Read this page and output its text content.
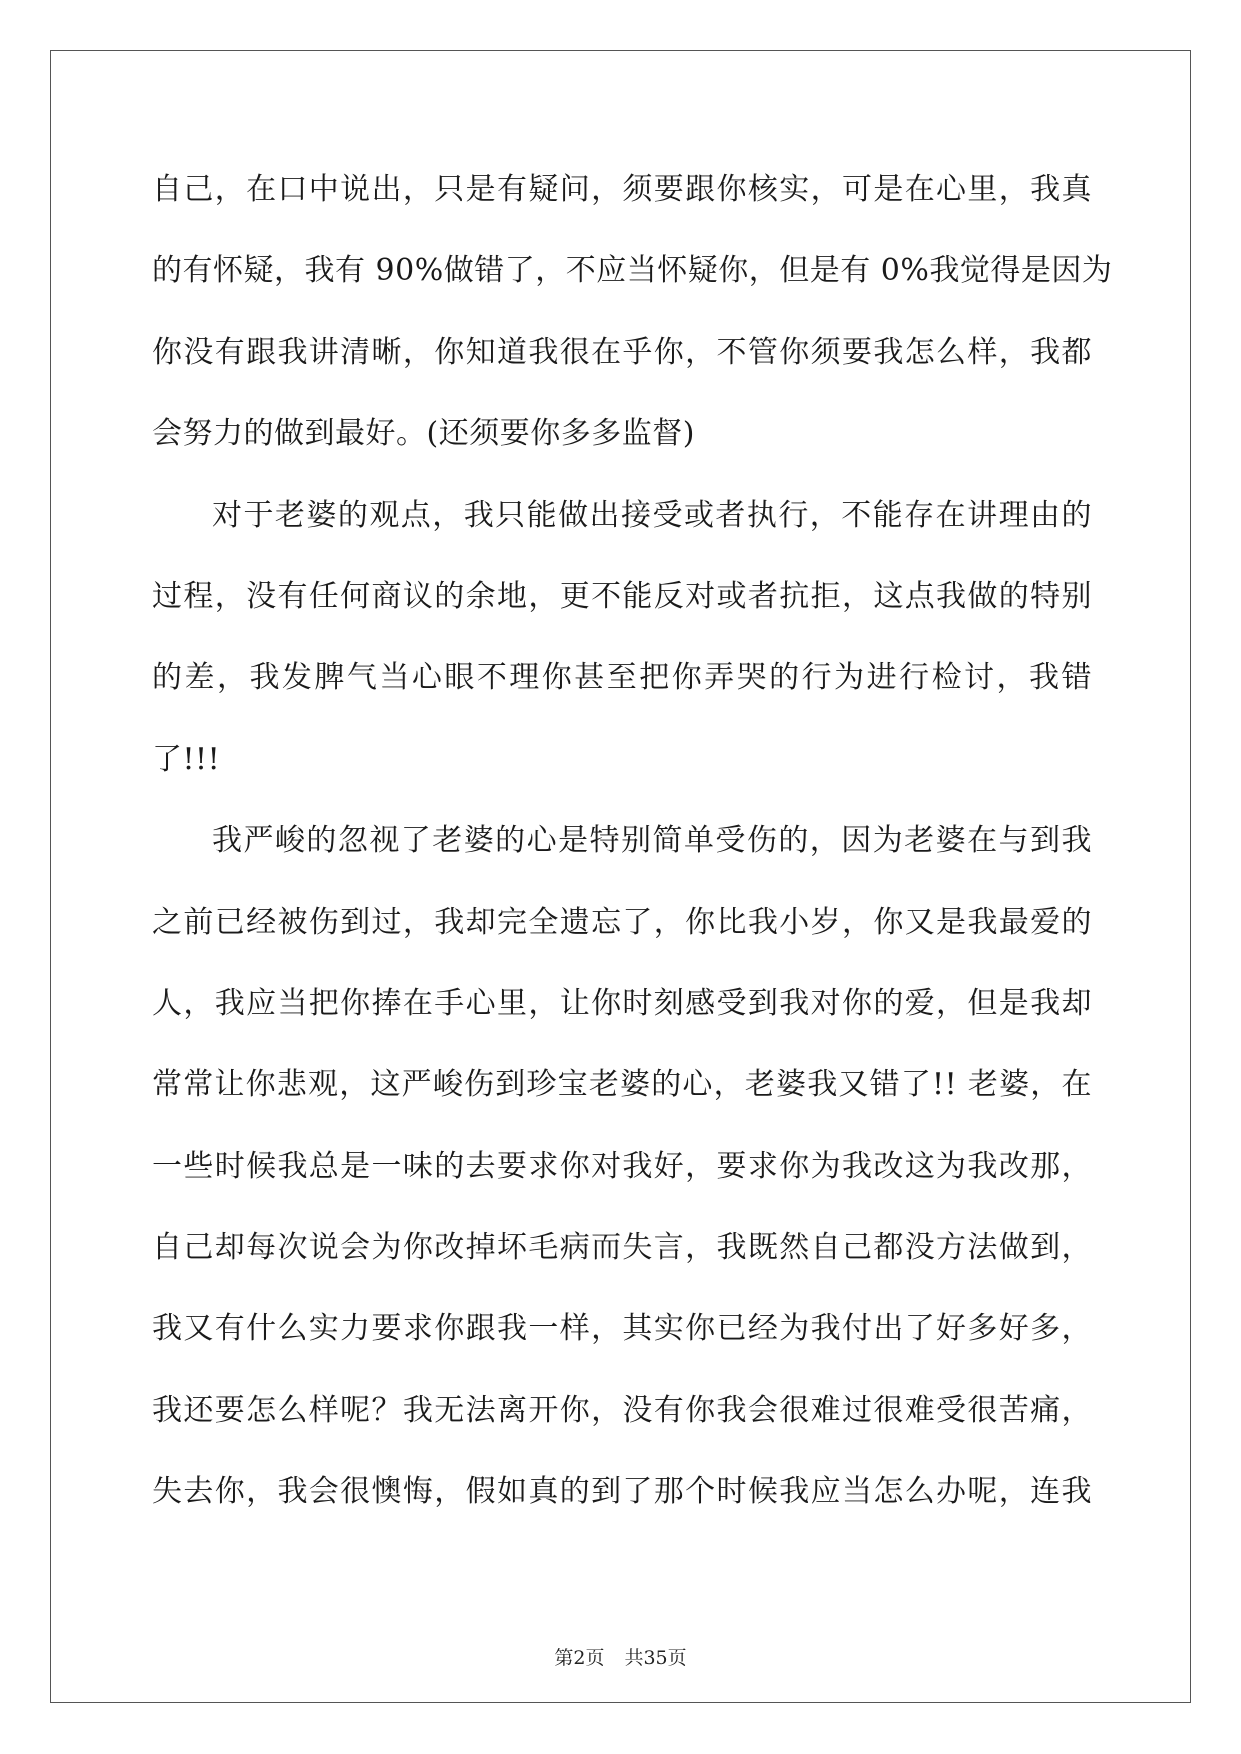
自己，在口中说出，只是有疑问，须要跟你核实，可是在心里，我真
的有怀疑，我有 90%做错了，不应当怀疑你，但是有 0%我觉得是因为
你没有跟我讲清晰，你知道我很在乎你，不管你须要我怎么样，我都
会努力的做到最好。(还须要你多多监督)
对于老婆的观点，我只能做出接受或者执行，不能存在讲理由的
过程，没有任何商议的余地，更不能反对或者抗拒，这点我做的特别
的差，我发脾气当心眼不理你甚至把你弄哭的行为进行检讨，我错
了!!!
我严峻的忽视了老婆的心是特别简单受伤的，因为老婆在与到我
之前已经被伤到过，我却完全遗忘了，你比我小岁，你又是我最爱的
人，我应当把你捧在手心里，让你时刻感受到我对你的爱，但是我却
常常让你悲观，这严峻伤到珍宝老婆的心，老婆我又错了!! 老婆，在
一些时候我总是一味的去要求你对我好，要求你为我改这为我改那，
自己却每次说会为你改掉坏毛病而失言，我既然自己都没方法做到，
我又有什么实力要求你跟我一样，其实你已经为我付出了好多好多，
我还要怎么样呢？我无法离开你，没有你我会很难过很难受很苦痛，
失去你，我会很懊悔，假如真的到了那个时候我应当怎么办呢，连我
第2页 共35页
